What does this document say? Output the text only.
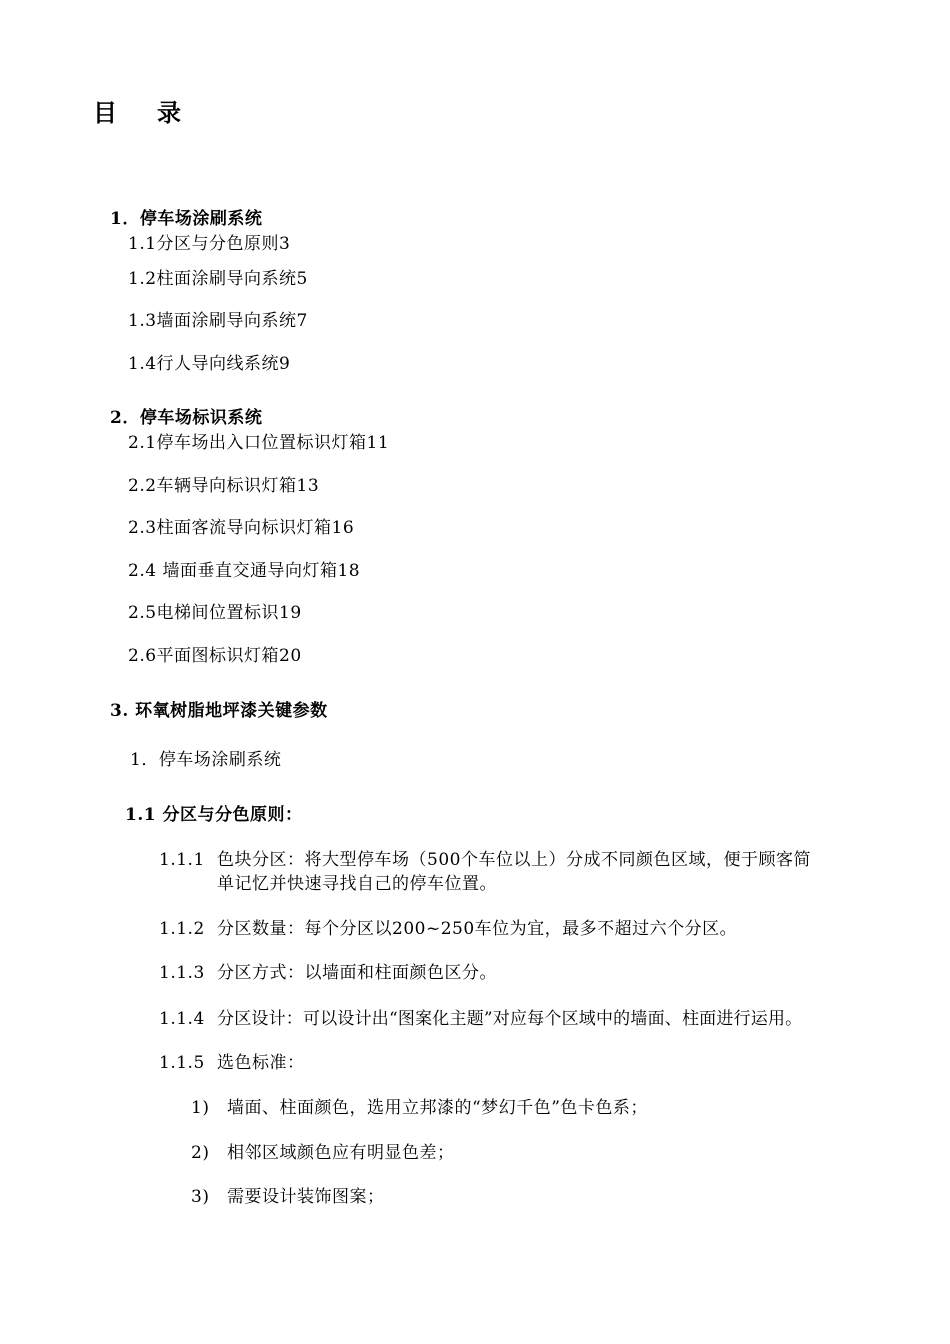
目 录
1．停车场涂刷系统
1.1分区与分色原则3
1.2柱面涂刷导向系统5
1.3墙面涂刷导向系统7
1.4行人导向线系统9
2．停车场标识系统
2.1停车场出入口位置标识灯箱11
2.2车辆导向标识灯箱13
2.3柱面客流导向标识灯箱16
2.4 墙面垂直交通导向灯箱18
2.5电梯间位置标识19
2.6平面图标识灯箱20
3. 环氧树脂地坪漆关键参数
1．停车场涂刷系统
1.1 分区与分色原则：
1.1.1 色块分区：将大型停车场（500个车位以上）分成不同颜色区域，便于顾客简
单记忆并快速寻找自己的停车位置。
1.1.2 分区数量：每个分区以200~250车位为宜，最多不超过六个分区。
1.1.3 分区方式：以墙面和柱面颜色区分。
1.1.4 分区设计：可以设计出“图案化主题”对应每个区域中的墙面、柱面进行运用。
1.1.5 选色标准：
1) 墙面、柱面颜色，选用立邦漆的“梦幻千色”色卡色系；
2) 相邻区域颜色应有明显色差；
3) 需要设计装饰图案；
